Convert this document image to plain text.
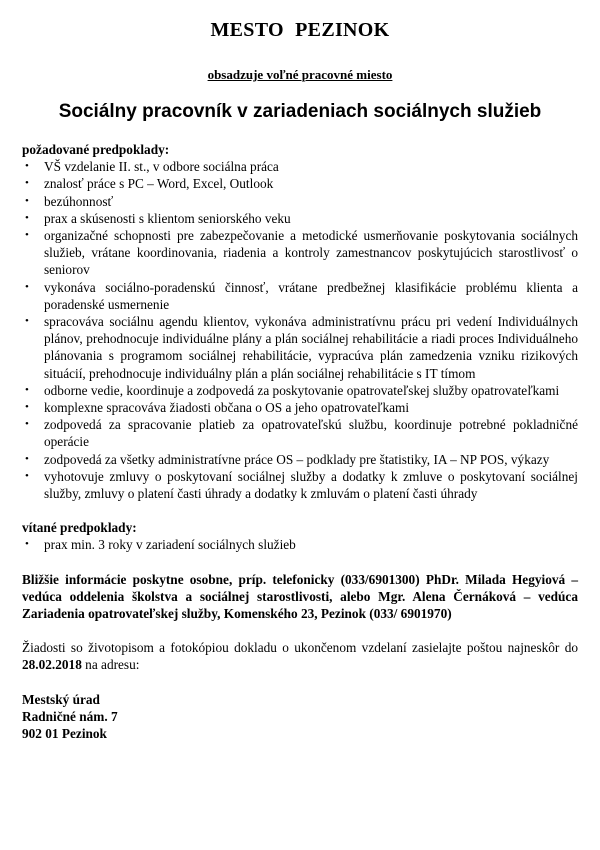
MESTO PEZINOK
obsadzuje voľné pracovné miesto
Sociálny pracovník v zariadeniach sociálnych služieb

požadované predpoklady:

• VŠ vzdelanie II. st., v odbore sociálna práca
• znalosť práce s PC – Word, Excel, Outlook
• bezúhonnosť
• prax a skúsenosti s klientom seniorského veku
• organizačné schopnosti pre zabezpečovanie a metodické usmerňovanie poskytovania sociálnych služieb, vrátane koordinovania, riadenia a kontroly zamestnancov poskytujúcich starostlivosť o seniorov
• vykonáva sociálno-poradenskú činnosť, vrátane predbežnej klasifikácie problému klienta a poradenské usmernenie
• spracováva sociálnu agendu klientov, vykonáva administratívnu prácu pri vedení Individuálnych plánov, prehodnocuje individuálne plány a plán sociálnej rehabilitácie a riadi proces Individuálneho plánovania s programom sociálnej rehabilitácie, vypracúva plán zamedzenia vzniku rizikových situácií, prehodnocuje individuálny plán a plán sociálnej rehabilitácie s IT tímom
• odborne vedie, koordinuje a zodpovedá za poskytovanie opatrovateľskej služby opatrovateľkami
• komplexne spracováva žiadosti občana o OS a jeho opatrovateľkami
• zodpovedá za spracovanie platieb za opatrovateľskú službu, koordinuje potrebné pokladničné operácie
• zodpovedá za všetky administratívne práce OS – podklady pre štatistiky, IA – NP POS, výkazy
• vyhotovuje zmluvy o poskytovaní sociálnej služby a dodatky k zmluve o poskytovaní sociálnej služby, zmluvy o platení časti úhrady a dodatky k zmluvám o platení časti úhrady

vítané predpoklady:

• prax min. 3 roky v zariadení sociálnych služieb

Bližšie informácie poskytne osobne, príp. telefonicky (033/6901300) PhDr. Milada Hegyiová – vedúca oddelenia školstva a sociálnej starostlivosti, alebo Mgr. Alena Černáková – vedúca Zariadenia opatrovateľskej služby, Komenského 23, Pezinok (033/ 6901970)

Žiadosti so životopisom a fotokópiou dokladu o ukončenom vzdelaní zasielajte poštou najneskôr do 28.02.2018 na adresu:

Mestský úrad

Radničné nám. 7

902 01 Pezinok
